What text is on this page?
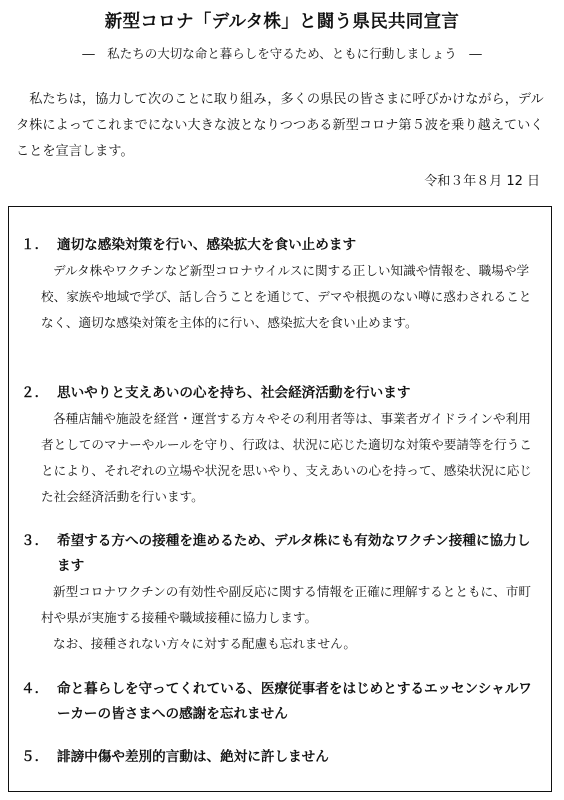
新型コロナ「デルタ株」と闘う県民共同宣言
―　私たちの大切な命と暮らしを守るため、ともに行動しましょう　―

私たちは，協力して次のことに取り組み，多くの県民の皆さまに呼びかけながら，デルタ株によってこれまでにない大きな波となりつつある新型コロナ第５波を乗り越えていくことを宣言します。

令和３年８月 12 日

１． 適切な感染対策を行い、感染拡大を食い止めます

デルタ株やワクチンなど新型コロナウイルスに関する正しい知識や情報を、職場や学校、家族や地域で学び、話し合うことを通じて、デマや根拠のない噂に惑わされることなく、適切な感染対策を主体的に行い、感染拡大を食い止めます。

２． 思いやりと支えあいの心を持ち、社会経済活動を行います

各種店舗や施設を経営・運営する方々やその利用者等は、事業者ガイドラインや利用者としてのマナーやルールを守り、行政は、状況に応じた適切な対策や要請等を行うことにより、それぞれの立場や状況を思いやり、支えあいの心を持って、感染状況に応じた社会経済活動を行います。

３． 希望する方への接種を進めるため、デルタ株にも有効なワクチン接種に協力します

新型コロナワクチンの有効性や副反応に関する情報を正確に理解するとともに、市町村や県が実施する接種や職域接種に協力します。

なお、接種されない方々に対する配慮も忘れません。

４． 命と暮らしを守ってくれている、医療従事者をはじめとするエッセンシャルワーカーの皆さまへの感謝を忘れません

５． 誹謗中傷や差別的言動は、絶対に許しません
